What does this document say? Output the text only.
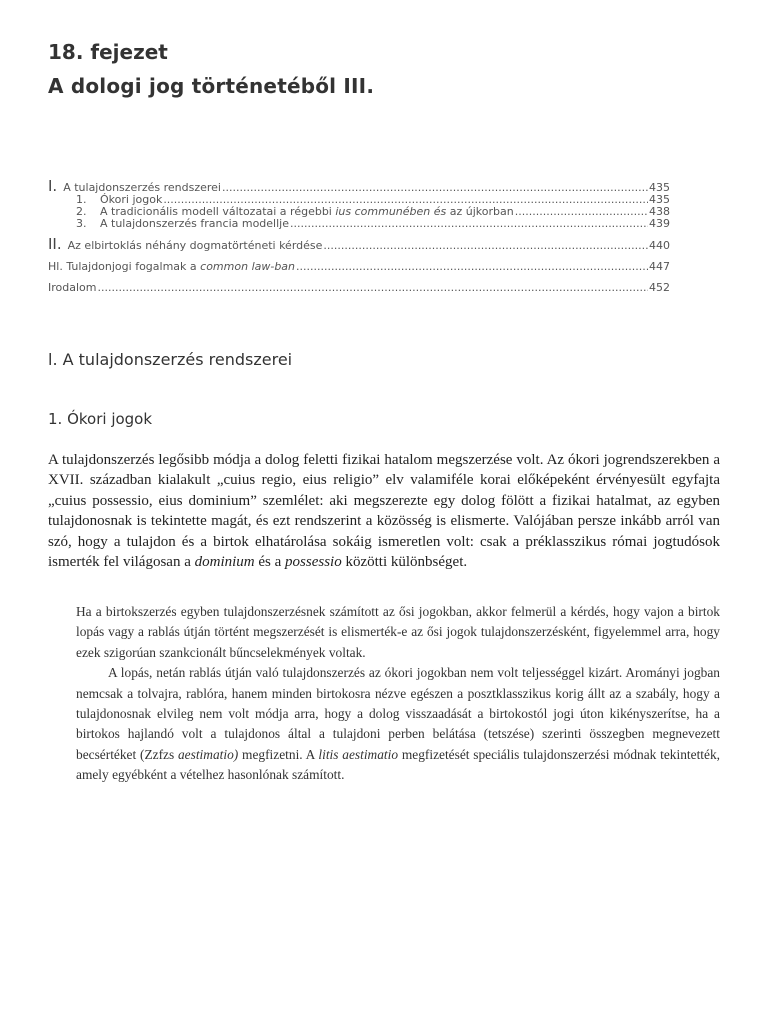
18. fejezet
A dologi jog történetéből III.
I. A tulajdonszerzés rendszerei .....	435
1. Ókori jogok .....	435
2. A tradicionális modell változatai a régebbi ius communében és az újkorban .....	438
3. A tulajdonszerzés francia modellje .....	439
II. Az elbirtoklás néhány dogmatörténeti kérdése .....	440
Hl. Tulajdonjogi fogalmak a common law-ban .....	447
Irodalom .....	452
l. A tulajdonszerzés rendszerei
1. Ókori jogok
A tulajdonszerzés legősibb módja a dolog feletti fizikai hatalom megszerzése volt. Az ókori jogrendszerekben a XVII. században kialakult „cuius regio, eius religio” elv valamiféle korai előképeként érvényesült egyfajta „cuius possessio, eius dominium” szemlélet: aki megszerezte egy dolog fölött a fizikai hatalmat, az egyben tulajdonosnak is tekintette magát, és ezt rendszerint a közösség is elismerte. Valójában persze inkább arról van szó, hogy a tulajdon és a birtok elhatárolása sokáig ismeretlen volt: csak a préklasszikus római jogtudósok ismerték fel világosan a dominium és a possessio közötti különbséget.

Ha a birtokszerzés egyben tulajdonszerzésnek számított az ősi jogokban, akkor felmerül a kérdés, hogy vajon a birtok lopás vagy a rablás útján történt megszerzését is elismerték-e az ősi jogok tulajdonszerzésként, figyelemmel arra, hogy ezek szigorúan szankcionált bűncselekmények voltak.

A lopás, netán rablás útján való tulajdonszerzés az ókori jogokban nem volt teljességgel kizárt. Arományi jogban nemcsak a tolvajra, rablóra, hanem minden birtokosra nézve egészen a posztklasszikus korig állt az a szabály, hogy a tulajdonosnak elvileg nem volt módja arra, hogy a dolog visszaadását a birtokostól jogi úton kikényszerítse, ha a birtokos hajlandó volt a tulajdonos által a tulajdoni perben belátása (tetszése) szerinti összegben megnevezett becsértéket (Zzfzs aestimatio) megfizetni. A litis aestimatio megfizetését speciális tulajdonszerzési módnak tekintették, amely egyébként a vételhez hasonlónak számított.
